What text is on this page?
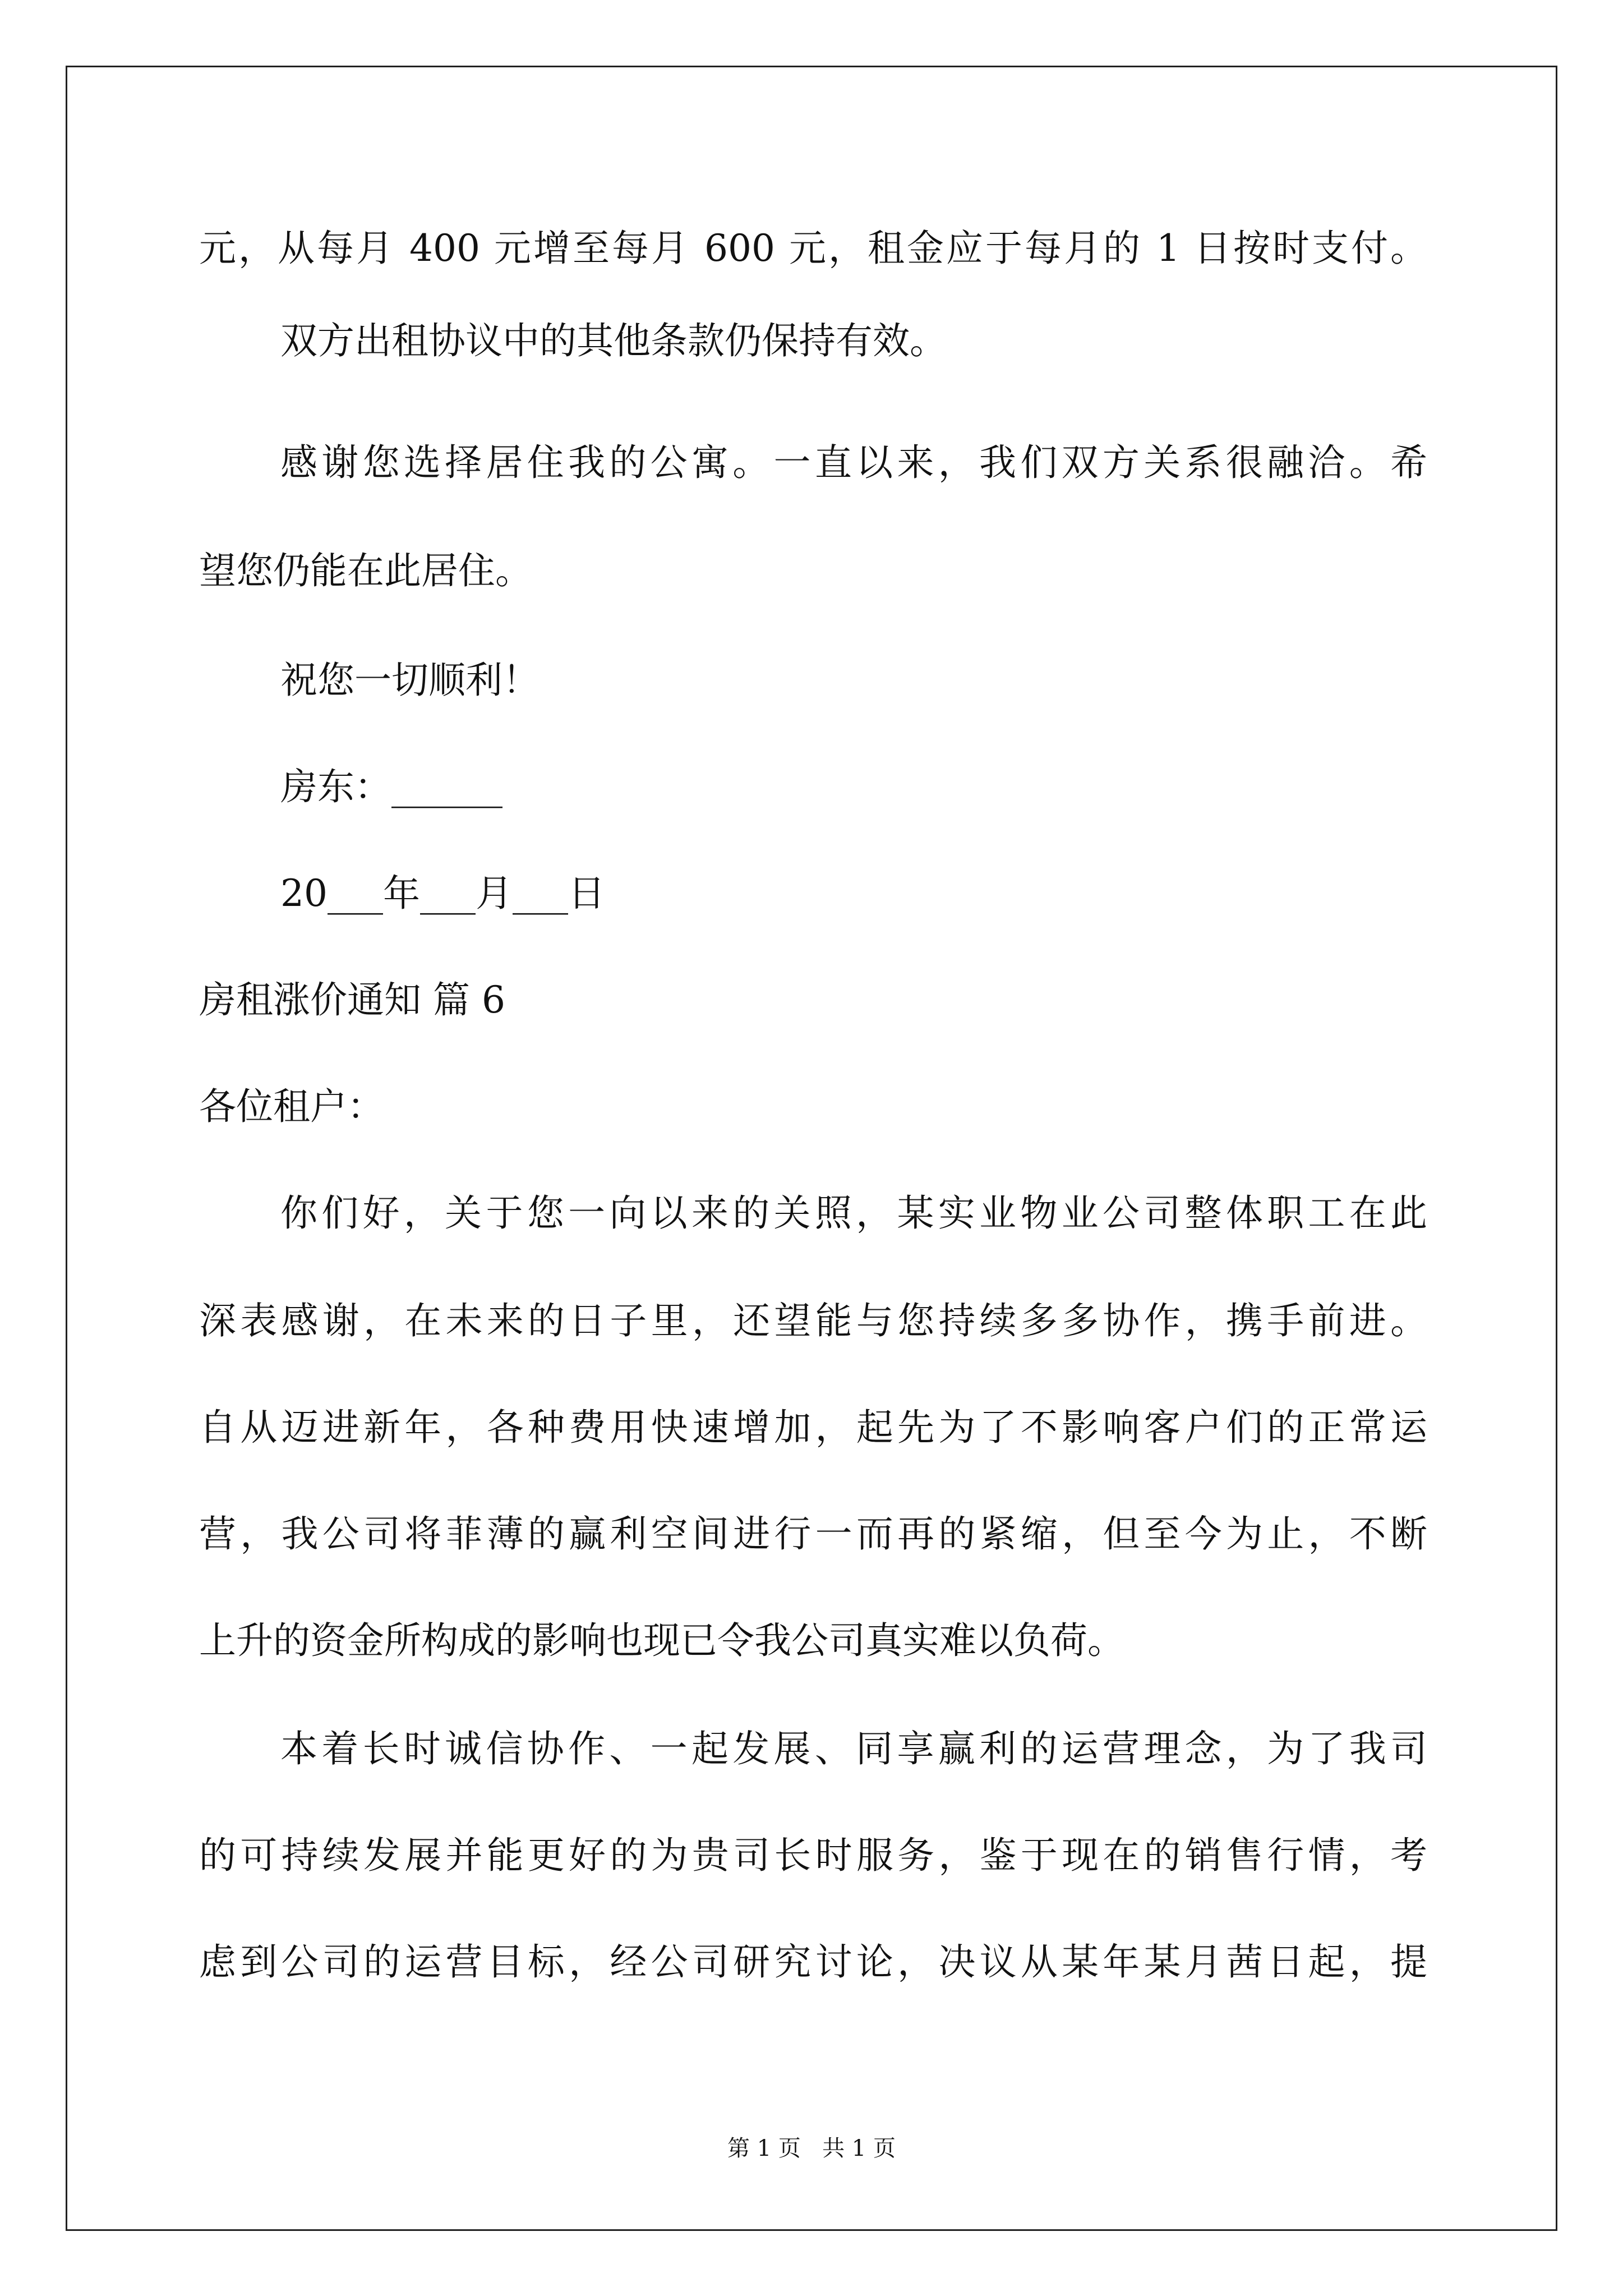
元，从每月 400 元增至每月 600 元，租金应于每月的 1 日按时支付。
双方出租协议中的其他条款仍保持有效。
感谢您选择居住我的公寓。一直以来，我们双方关系很融洽。希
望您仍能在此居住。
祝您一切顺利！
房东：______
20___年___月___日
房租涨价通知 篇 6
各位租户：
你们好，关于您一向以来的关照，某实业物业公司整体职工在此
深表感谢，在未来的日子里，还望能与您持续多多协作，携手前进。
自从迈进新年，各种费用快速增加，起先为了不影响客户们的正常运
营，我公司将菲薄的赢利空间进行一而再的紧缩，但至今为止，不断
上升的资金所构成的影响也现已令我公司真实难以负荷。
本着长时诚信协作、一起发展、同享赢利的运营理念，为了我司
的可持续发展并能更好的为贵司长时服务，鉴于现在的销售行情，考
虑到公司的运营目标，经公司研究讨论，决议从某年某月茜日起，提
第 1 页   共 1 页
